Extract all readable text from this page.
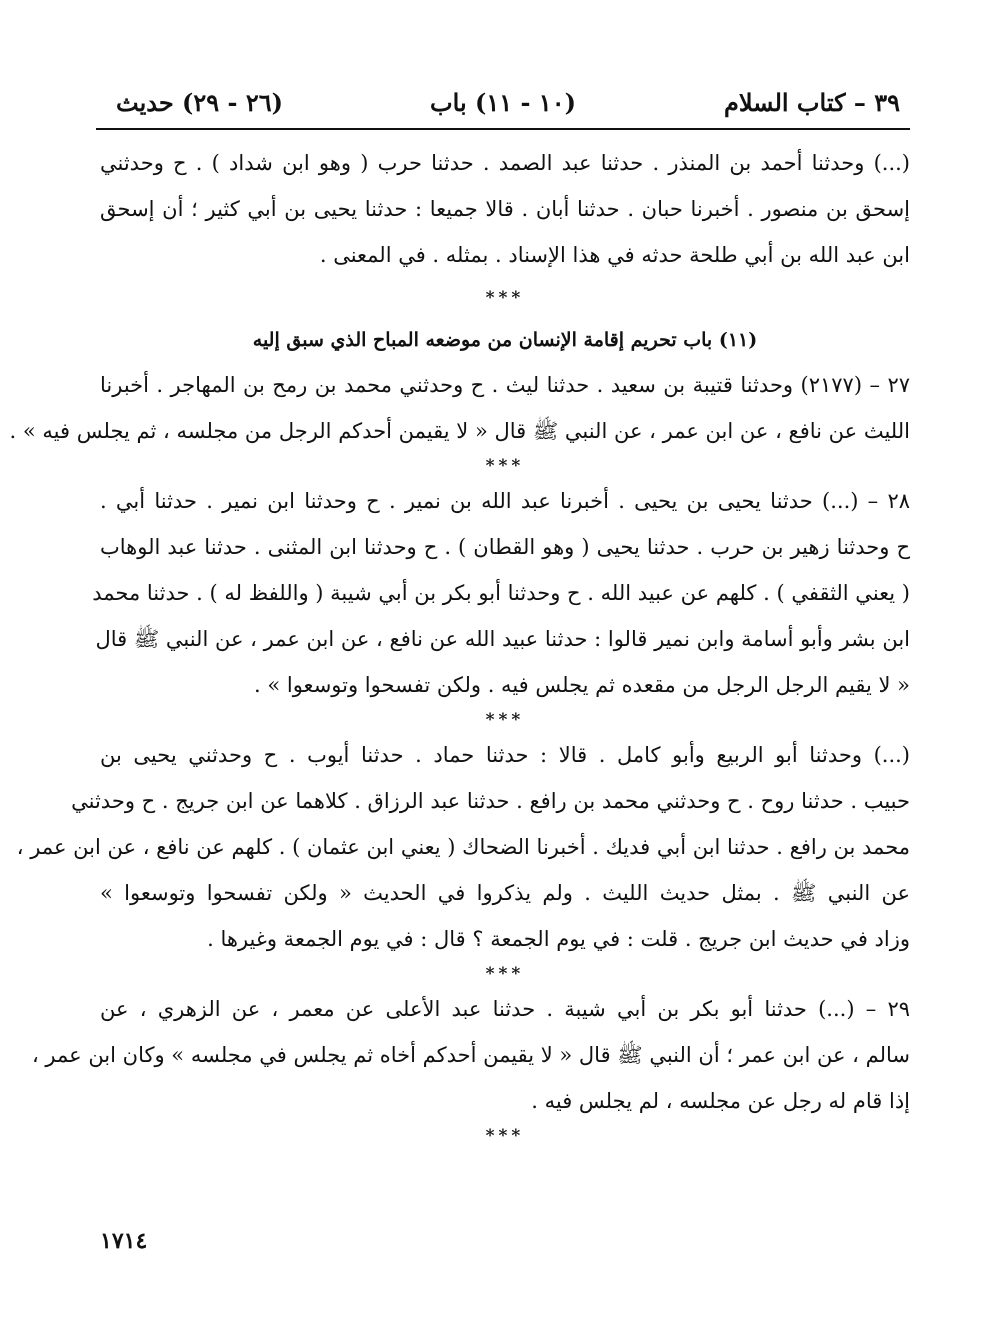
٣٩ – كتاب السلام
(١٠ - ١١) باب
(٢٦ - ٢٩) حديث
(...) وحدثنا أحمد بن المنذر . حدثنا عبد الصمد . حدثنا حرب ( وهو ابن شداد ) . ح وحدثني
إسحق بن منصور . أخبرنا حبان . حدثنا أبان . قالا جميعا : حدثنا يحيى بن أبي كثير ؛ أن إسحق
ابن عبد الله بن أبي طلحة حدثه في هذا الإسناد . بمثله . في المعنى .
***
(١١) باب تحريم إقامة الإنسان من موضعه المباح الذي سبق إليه
٢٧ – (٢١٧٧) وحدثنا قتيبة بن سعيد . حدثنا ليث . ح وحدثني محمد بن رمح بن المهاجر . أخبرنا
الليث عن نافع ، عن ابن عمر ، عن النبي ﷺ قال « لا يقيمن أحدكم الرجل من مجلسه ، ثم يجلس فيه » .
***
٢٨ – (...) حدثنا يحيى بن يحيى . أخبرنا عبد الله بن نمير . ح وحدثنا ابن نمير . حدثنا أبي .
ح وحدثنا زهير بن حرب . حدثنا يحيى ( وهو القطان ) . ح وحدثنا ابن المثنى . حدثنا عبد الوهاب
( يعني الثقفي ) . كلهم عن عبيد الله . ح وحدثنا أبو بكر بن أبي شيبة ( واللفظ له ) . حدثنا محمد
ابن بشر وأبو أسامة وابن نمير قالوا : حدثنا عبيد الله عن نافع ، عن ابن عمر ، عن النبي ﷺ قال
« لا يقيم الرجل الرجل من مقعده ثم يجلس فيه . ولكن تفسحوا وتوسعوا » .
***
(...) وحدثنا أبو الربيع وأبو كامل . قالا : حدثنا حماد . حدثنا أيوب . ح وحدثني يحيى بن
حبيب . حدثنا روح . ح وحدثني محمد بن رافع . حدثنا عبد الرزاق . كلاهما عن ابن جريج . ح وحدثني
محمد بن رافع . حدثنا ابن أبي فديك . أخبرنا الضحاك ( يعني ابن عثمان ) . كلهم عن نافع ، عن ابن عمر ،
عن النبي ﷺ . بمثل حديث الليث . ولم يذكروا في الحديث « ولكن تفسحوا وتوسعوا »
وزاد في حديث ابن جريج . قلت : في يوم الجمعة ؟ قال : في يوم الجمعة وغيرها .
***
٢٩ – (...) حدثنا أبو بكر بن أبي شيبة . حدثنا عبد الأعلى عن معمر ، عن الزهري ، عن
سالم ، عن ابن عمر ؛ أن النبي ﷺ قال « لا يقيمن أحدكم أخاه ثم يجلس في مجلسه » وكان ابن عمر ،
إذا قام له رجل عن مجلسه ، لم يجلس فيه .
***
١٧١٤
